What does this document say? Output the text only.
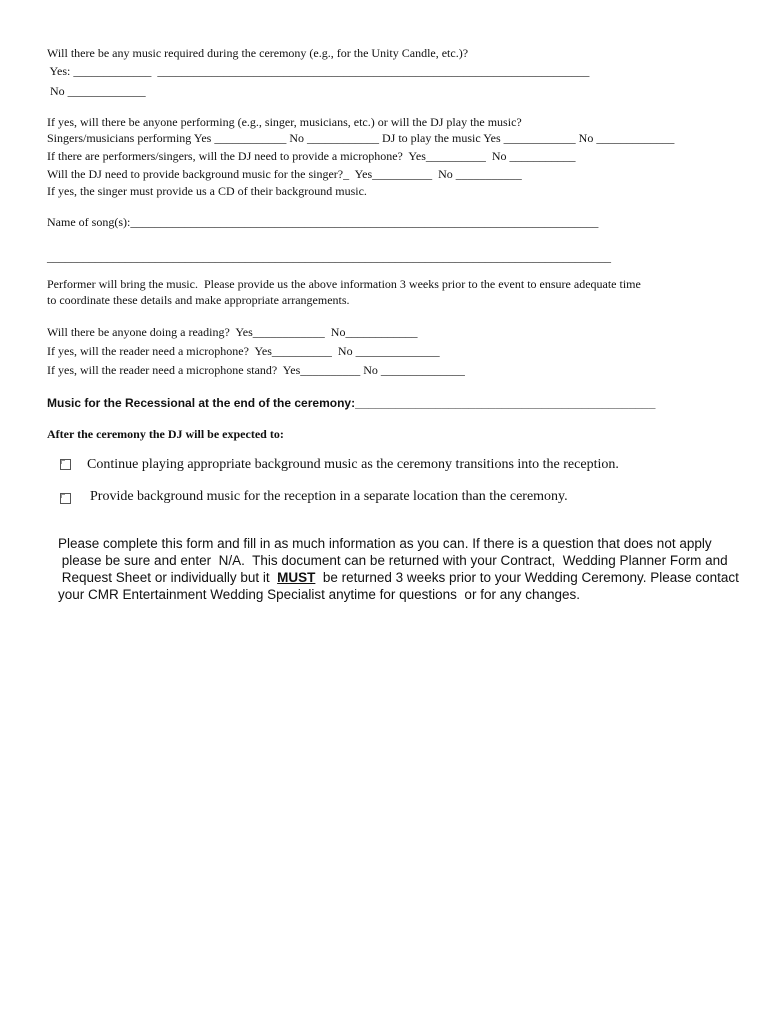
Will there be any music required during the ceremony (e.g., for the Unity Candle, etc.)?
Yes: _____________  ________________________________________________________________________
No _____________
If yes, will there be anyone performing (e.g., singer, musicians, etc.) or will the DJ play the music?
Singers/musicians performing Yes ____________ No ____________ DJ to play the music Yes ____________ No _____________
If there are performers/singers, will the DJ need to provide a microphone?  Yes__________  No ___________
Will the DJ need to provide background music for the singer?_  Yes__________  No ___________
If yes, the singer must provide us a CD of their background music.
Name of song(s):______________________________________________________________________________
______________________________________________________________________________________________
Performer will bring the music.  Please provide us the above information 3 weeks prior to the event to ensure adequate time
to coordinate these details and make appropriate arrangements.
Will there be anyone doing a reading?  Yes____________  No____________
If yes, will the reader need a microphone?  Yes__________  No ______________
If yes, will the reader need a microphone stand?  Yes__________ No ______________
Music for the Recessional at the end of the ceremony:_____________________________________________
After the ceremony the DJ will be expected to:
Continue playing appropriate background music as the ceremony transitions into the reception.
Provide background music for the reception in a separate location than the ceremony.
Please complete this form and fill in as much information as you can. If there is a question that does not apply
please be sure and enter  N/A.  This document can be returned with your Contract,  Wedding Planner Form and
Request Sheet or individually but it  MUST  be returned 3 weeks prior to your Wedding Ceremony. Please contact
your CMR Entertainment Wedding Specialist anytime for questions  or for any changes.
